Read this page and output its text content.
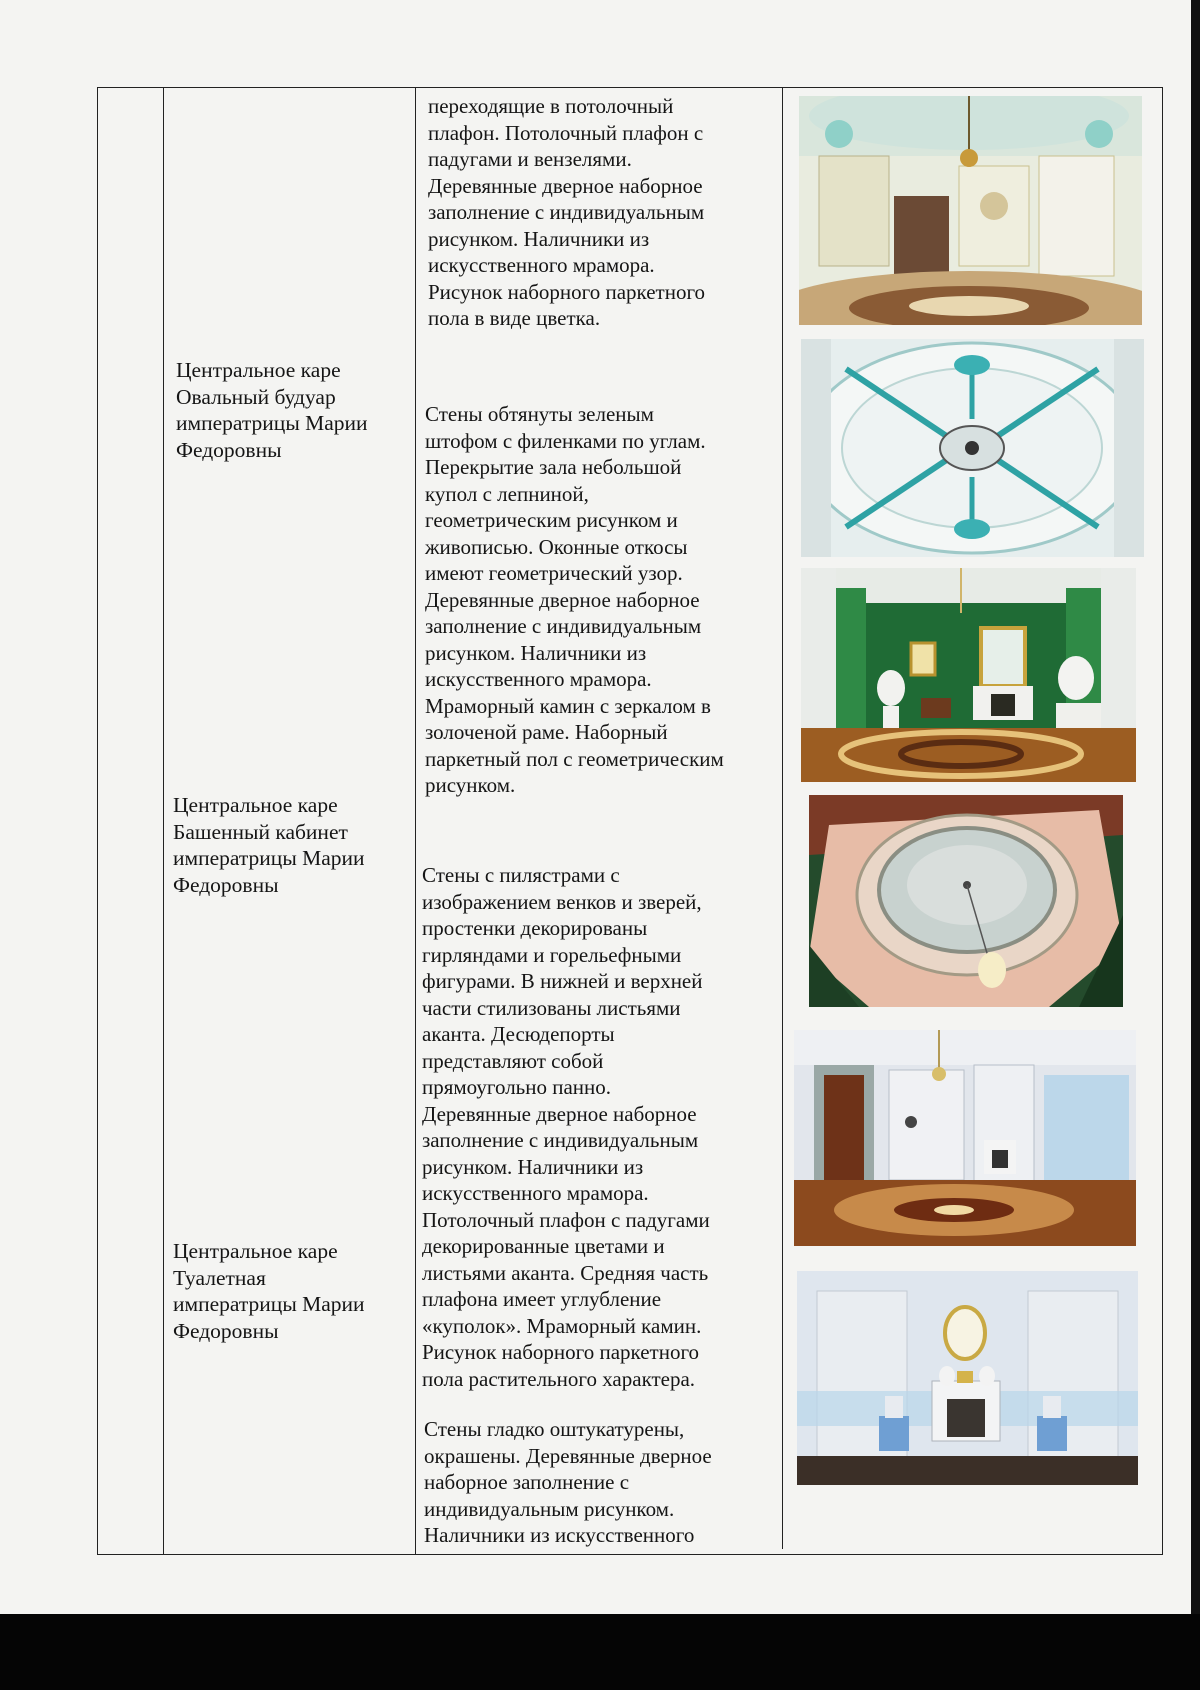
Центральное каре
Овальный будуар
императрицы Марии
Федоровны
Центральное каре
Башенный кабинет
императрицы Марии
Федоровны
Центральное каре
Туалетная
императрицы Марии
Федоровны
переходящие в потолочный
плафон. Потолочный плафон с
падугами и вензелями.
Деревянные дверное наборное
заполнение с индивидуальным
рисунком. Наличники из
искусственного мрамора.
Рисунок наборного паркетного
пола в виде цветка.
Стены обтянуты зеленым
штофом с филенками по углам.
Перекрытие зала небольшой
купол с лепниной,
геометрическим рисунком и
живописью. Оконные откосы
имеют геометрический узор.
Деревянные дверное наборное
заполнение с индивидуальным
рисунком. Наличники из
искусственного мрамора.
Мраморный камин с зеркалом в
золоченой раме. Наборный
паркетный пол с геометрическим
рисунком.
Стены с пилястрами с
изображением венков и зверей,
простенки декорированы
гирляндами и горельефными
фигурами. В нижней и верхней
части стилизованы листьями
аканта. Десюдепорты
представляют собой
прямоугольно панно.
Деревянные дверное наборное
заполнение с индивидуальным
рисунком. Наличники из
искусственного мрамора.
Потолочный плафон с падугами
декорированные цветами и
листьями аканта. Средняя часть
плафона имеет углубление
«куполок». Мраморный камин.
Рисунок наборного паркетного
пола растительного характера.
Стены гладко оштукатурены,
окрашены. Деревянные дверное
наборное заполнение с
индивидуальным рисунком.
Наличники из искусственного
